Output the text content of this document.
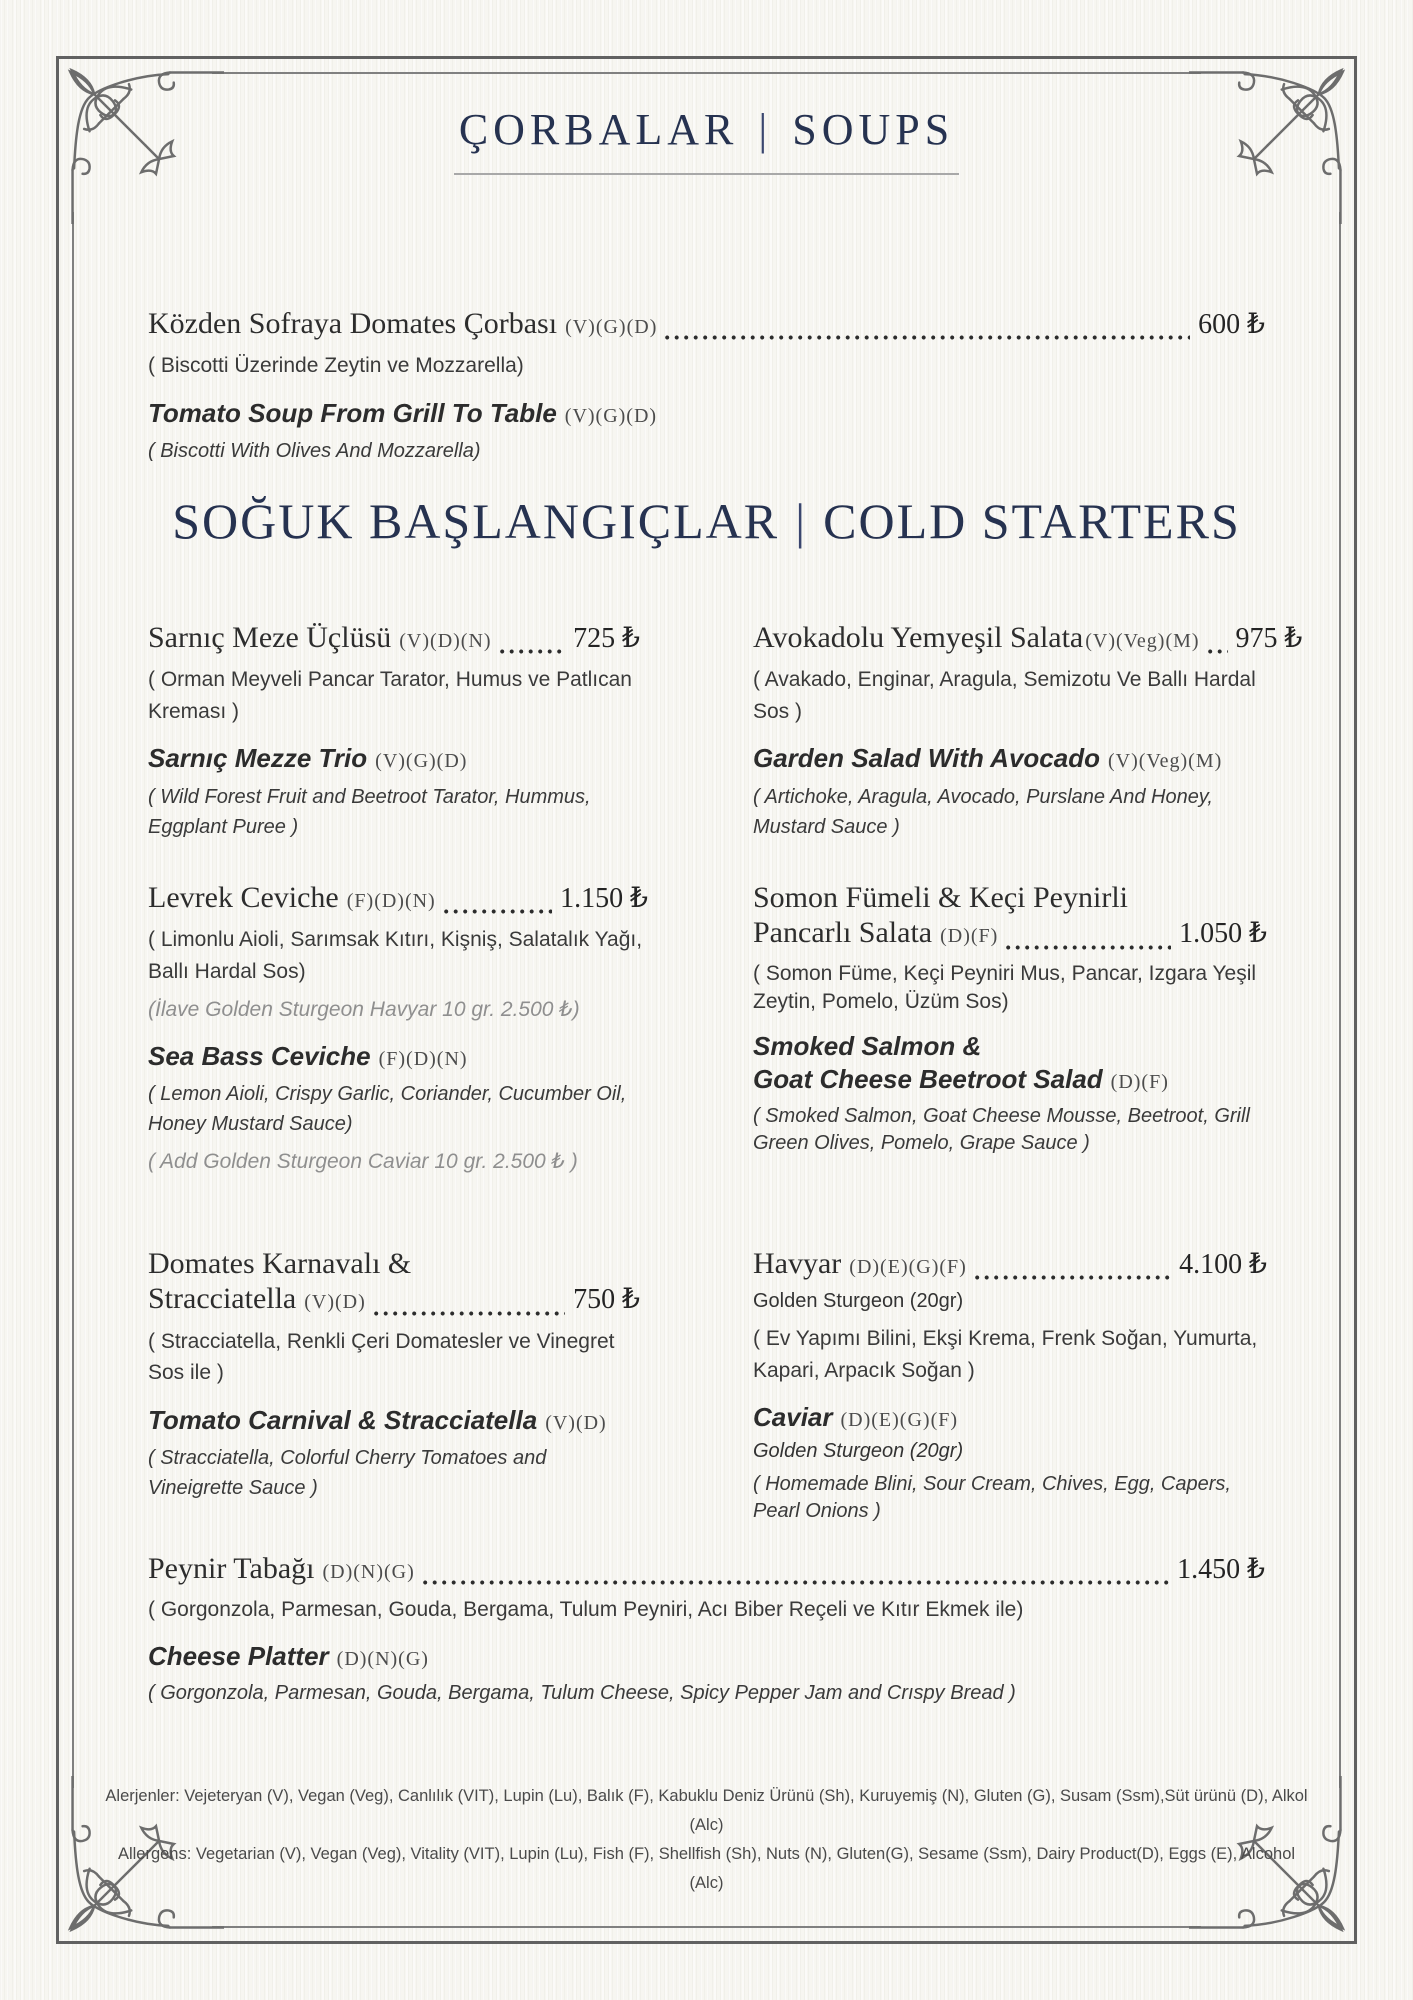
ÇORBALAR | SOUPS
Közden Sofraya Domates Çorbası (V)(G)(D)	600 ₺

( Biscotti Üzerinde Zeytin ve Mozzarella)

Tomato Soup From Grill To Table (V)(G)(D)

( Biscotti With Olives And Mozzarella)

SOĞUK BAŞLANGIÇLAR | COLD STARTERS
Sarnıç Meze Üçlüsü (V)(D)(N)	725 ₺

( Orman Meyveli Pancar Tarator, Humus ve Patlıcan Kreması )

Sarnıç Mezze Trio (V)(G)(D)

( Wild Forest Fruit and Beetroot Tarator, Hummus, Eggplant Puree )

Avokadolu Yemyeşil Salata (V)(Veg)(M) 975 ₺

( Avakado, Enginar, Aragula, Semizotu Ve Ballı Hardal Sos )

Garden Salad With Avocado (V)(Veg)(M)

( Artichoke, Aragula, Avocado, Purslane And Honey, Mustard Sauce )

Levrek Ceviche (F)(D)(N)	1.150 ₺

( Limonlu Aioli, Sarımsak Kıtırı, Kişniş, Salatalık Yağı, Ballı Hardal Sos)

(İlave Golden Sturgeon Havyar 10 gr. 2.500 ₺)

Sea Bass Ceviche (F)(D)(N)

( Lemon Aioli, Crispy Garlic, Coriander, Cucumber Oil, Honey Mustard Sauce)

( Add Golden Sturgeon Caviar 10 gr. 2.500 ₺ )

Somon Fümeli & Keçi Peynirli
Pancarlı Salata (D)(F)	1.050 ₺

( Somon Füme, Keçi Peyniri Mus, Pancar, Izgara Yeşil Zeytin, Pomelo, Üzüm Sos)

Smoked Salmon &
Goat Cheese Beetroot Salad (D)(F)

( Smoked Salmon, Goat Cheese Mousse, Beetroot, Grill Green Olives, Pomelo, Grape Sauce )

Domates Karnavalı &
Stracciatella (V)(D)	750 ₺

( Stracciatella, Renkli Çeri Domatesler ve Vinegret Sos ile )

Tomato Carnival & Stracciatella (V)(D)

( Stracciatella, Colorful Cherry Tomatoes and Vineigrette Sauce )

Havyar (D)(E)(G)(F)	4.100 ₺

Golden Sturgeon (20gr)

( Ev Yapımı Bilini, Ekşi Krema, Frenk Soğan, Yumurta, Kapari, Arpacık Soğan )

Caviar (D)(E)(G)(F)

Golden Sturgeon (20gr)

( Homemade Blini, Sour Cream, Chives, Egg, Capers, Pearl Onions )

Peynir Tabağı (D)(N)(G)	1.450 ₺

( Gorgonzola, Parmesan, Gouda, Bergama, Tulum Peyniri, Acı Biber Reçeli ve Kıtır Ekmek ile)

Cheese Platter (D)(N)(G)

( Gorgonzola, Parmesan, Gouda, Bergama, Tulum Cheese, Spicy Pepper Jam and Crıspy Bread )

Alerjenler: Vejeteryan (V), Vegan (Veg), Canlılık (VIT), Lupin (Lu), Balık (F), Kabuklu Deniz Ürünü (Sh), Kuruyemiş (N), Gluten (G), Susam (Ssm),Süt ürünü (D), Alkol (Alc)
Allergens: Vegetarian (V), Vegan (Veg), Vitality (VIT), Lupin (Lu), Fish (F), Shellfish (Sh), Nuts (N), Gluten(G), Sesame (Ssm), Dairy Product(D), Eggs (E), Alcohol (Alc)
